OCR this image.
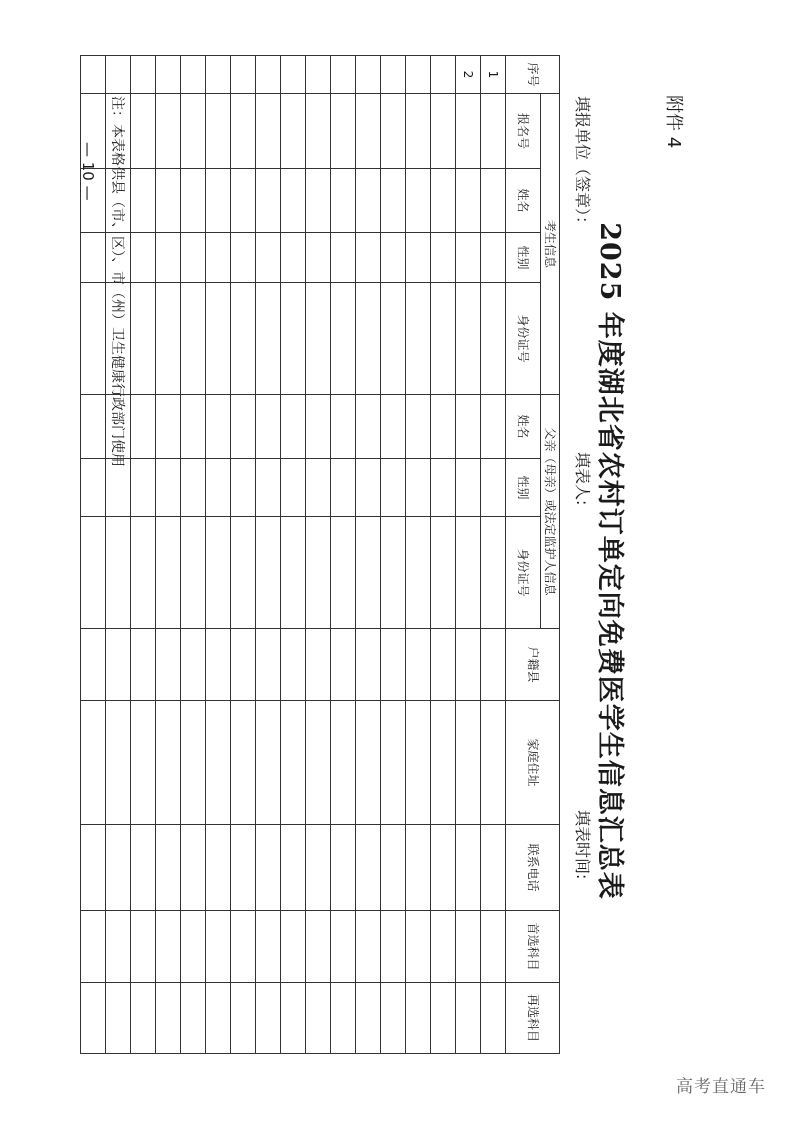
附件 4
2025 年度湖北省农村订单定向免费医学生信息汇总表
填报单位（签章）：
填表人:
填表时间:
序号	考生信息				父亲（母亲）或法定监护人信息			户籍县	家庭住址	联系电话	首选科目	再选科目
	报名号	姓名	性别	身份证号	姓名	性别	身份证号					
1												
2												

注：本表格供县（市、区）、市（州）卫生健康行政部门使用
— 10 —
高考直通车
